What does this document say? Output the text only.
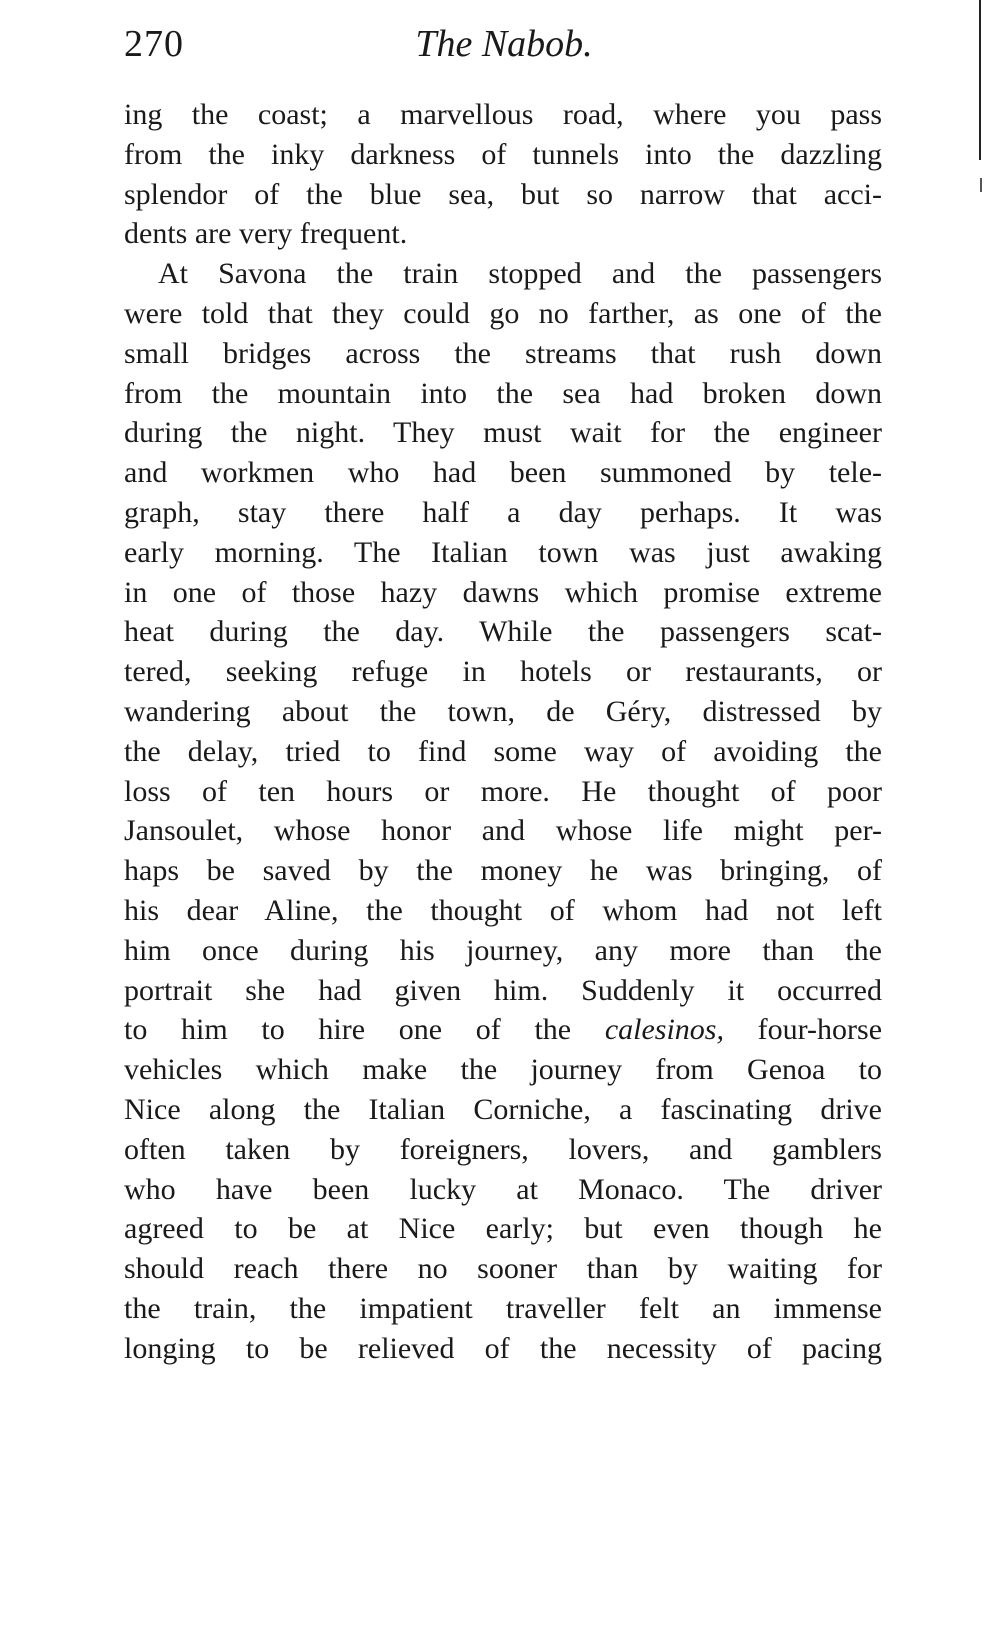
270	The Nabob.
ing the coast; a marvellous road, where you pass
from the inky darkness of tunnels into the dazzling
splendor of the blue sea, but so narrow that acci-
dents are very frequent.
At Savona the train stopped and the passengers
were told that they could go no farther, as one of the
small bridges across the streams that rush down
from the mountain into the sea had broken down
during the night. They must wait for the engineer
and workmen who had been summoned by tele-
graph, stay there half a day perhaps. It was
early morning. The Italian town was just awaking
in one of those hazy dawns which promise extreme
heat during the day. While the passengers scat-
tered, seeking refuge in hotels or restaurants, or
wandering about the town, de Géry, distressed by
the delay, tried to find some way of avoiding the
loss of ten hours or more. He thought of poor
Jansoulet, whose honor and whose life might per-
haps be saved by the money he was bringing, of
his dear Aline, the thought of whom had not left
him once during his journey, any more than the
portrait she had given him. Suddenly it occurred
to him to hire one of the calesinos, four-horse
vehicles which make the journey from Genoa to
Nice along the Italian Corniche, a fascinating drive
often taken by foreigners, lovers, and gamblers
who have been lucky at Monaco. The driver
agreed to be at Nice early; but even though he
should reach there no sooner than by waiting for
the train, the impatient traveller felt an immense
longing to be relieved of the necessity of pacing
